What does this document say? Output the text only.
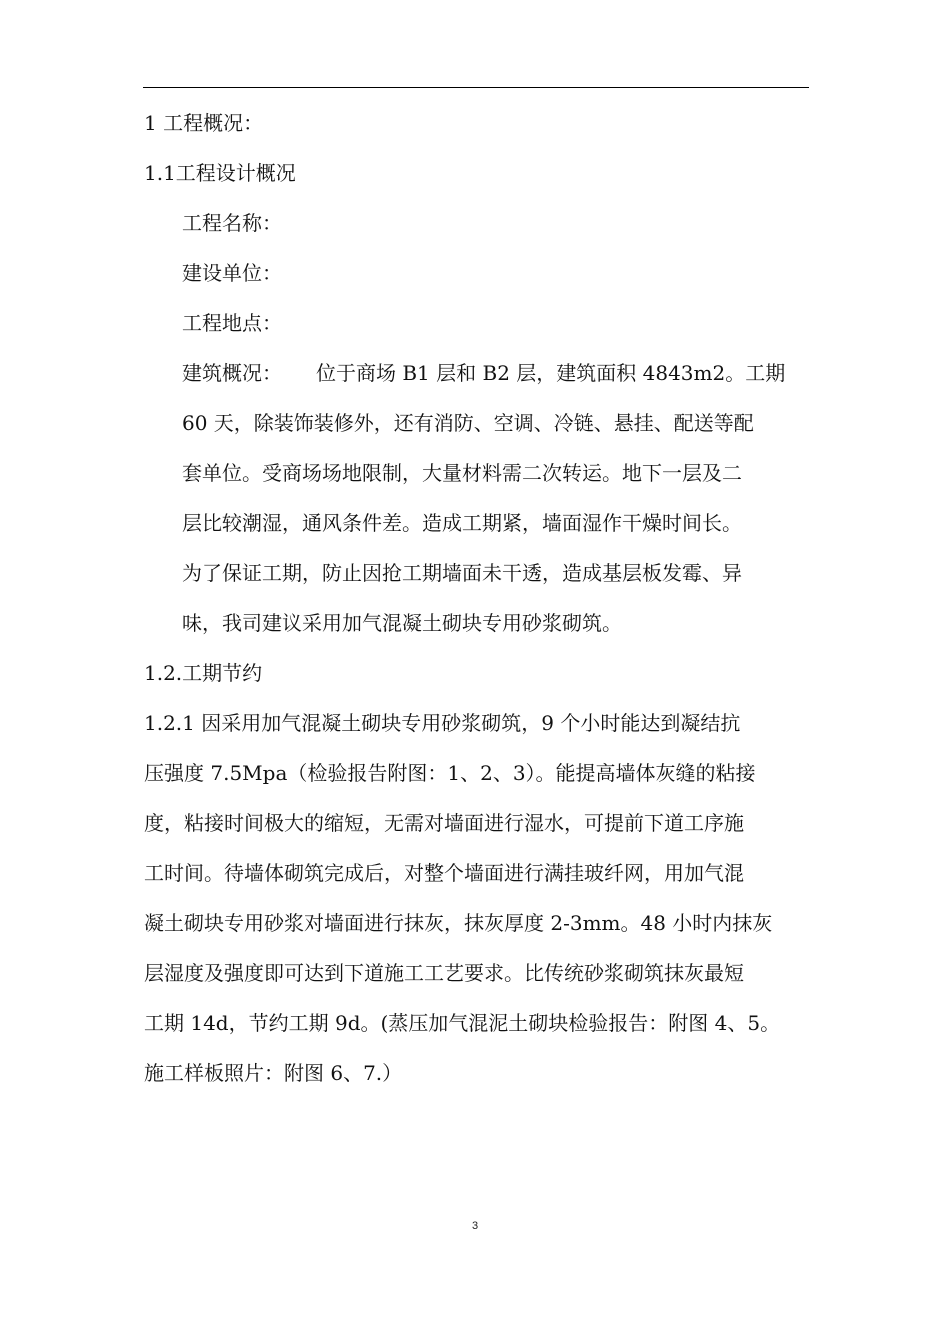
1 工程概况：

1.1工程设计概况

工程名称：

建设单位：

工程地点：

建筑概况： 位于商场 B1 层和 B2 层，建筑面积 4843m2。工期
60 天，除装饰装修外，还有消防、空调、冷链、悬挂、配送等配
套单位。受商场场地限制，大量材料需二次转运。地下一层及二
层比较潮湿，通风条件差。造成工期紧，墙面湿作干燥时间长。
为了保证工期，防止因抢工期墙面未干透，造成基层板发霉、异
味，我司建议采用加气混凝土砌块专用砂浆砌筑。

1.2.工期节约

1.2.1 因采用加气混凝土砌块专用砂浆砌筑，9 个小时能达到凝结抗
压强度 7.5Mpa（检验报告附图：1、2、3）。能提高墙体灰缝的粘接
度，粘接时间极大的缩短，无需对墙面进行湿水，可提前下道工序施
工时间。待墙体砌筑完成后，对整个墙面进行满挂玻纤网，用加气混
凝土砌块专用砂浆对墙面进行抹灰，抹灰厚度 2-3mm。48 小时内抹灰
层湿度及强度即可达到下道施工工艺要求。比传统砂浆砌筑抹灰最短
工期 14d，节约工期 9d。(蒸压加气混泥土砌块检验报告：附图 4、5。
施工样板照片：附图 6、7.）
3
